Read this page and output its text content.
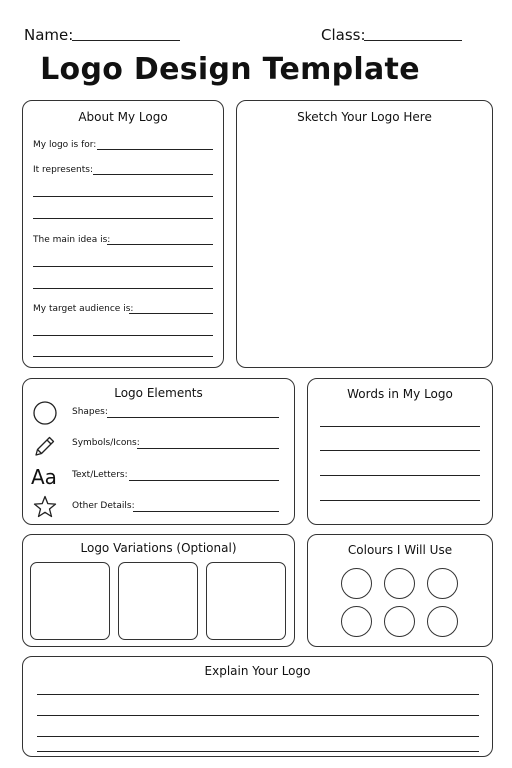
Name:	Class:
Logo Design Template
About My Logo
My logo is for:
It represents:
The main idea is:
My target audience is:
Sketch Your Logo Here
Logo Elements
Shapes:
Symbols/Icons:
Aa Text/Letters:
Other Details:
Words in My Logo
Logo Variations (Optional)	Colours I Will Use
Explain Your Logo
